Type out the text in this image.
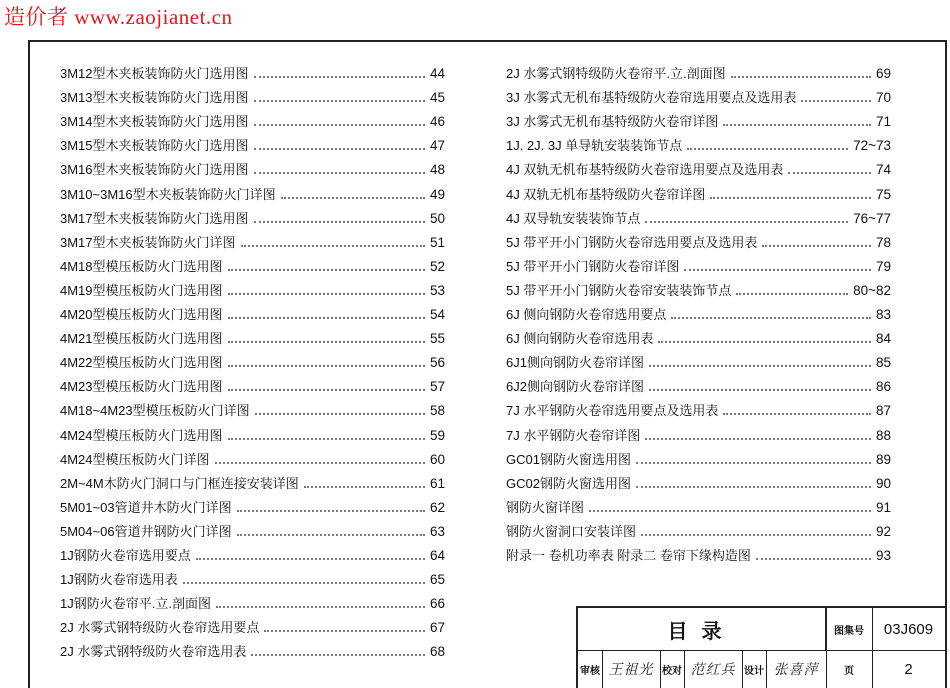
造价者 www.zaojianet.cn

3M12型木夹板装饰防火门选用图	44
3M13型木夹板装饰防火门选用图	45
3M14型木夹板装饰防火门选用图	46
3M15型木夹板装饰防火门选用图	47
3M16型木夹板装饰防火门选用图	48
3M10~3M16型木夹板装饰防火门详图	49
3M17型木夹板装饰防火门选用图	50
3M17型木夹板装饰防火门详图	51
4M18型模压板防火门选用图	52
4M19型模压板防火门选用图	53
4M20型模压板防火门选用图	54
4M21型模压板防火门选用图	55
4M22型模压板防火门选用图	56
4M23型模压板防火门选用图	57
4M18~4M23型模压板防火门详图	58
4M24型模压板防火门选用图	59
4M24型模压板防火门详图	60
2M~4M木防火门洞口与门框连接安装详图	61
5M01~03管道井木防火门详图	62
5M04~06管道井钢防火门详图	63
1J钢防火卷帘选用要点	64
1J钢防火卷帘选用表	65
1J钢防火卷帘平.立.剖面图	66
2J 水雾式钢特级防火卷帘选用要点	67
2J 水雾式钢特级防火卷帘选用表	68
2J 水雾式钢特级防火卷帘平.立.剖面图	69
3J 水雾式无机布基特级防火卷帘选用要点及选用表	70
3J 水雾式无机布基特级防火卷帘详图	71
1J. 2J. 3J 单导轨安装装饰节点	72~73
4J 双轨无机布基特级防火卷帘选用要点及选用表	74
4J 双轨无机布基特级防火卷帘详图	75
4J 双导轨安装装饰节点	76~77
5J 带平开小门钢防火卷帘选用要点及选用表	78
5J 带平开小门钢防火卷帘详图	79
5J 带平开小门钢防火卷帘安装装饰节点	80~82
6J 侧向钢防火卷帘选用要点	83
6J 侧向钢防火卷帘选用表	84
6J1侧向钢防火卷帘详图	85
6J2侧向钢防火卷帘详图	86
7J 水平钢防火卷帘选用要点及选用表	87
7J 水平钢防火卷帘详图	88
GC01钢防火窗选用图	89
GC02钢防火窗选用图	90
钢防火窗详图	91
钢防火窗洞口安装详图	92
附录一 卷机功率表 附录二 卷帘下缘构造图	93
目录	图集号	03J609
审核 王祖光 校对 范红兵 设计 张喜萍	页	2
